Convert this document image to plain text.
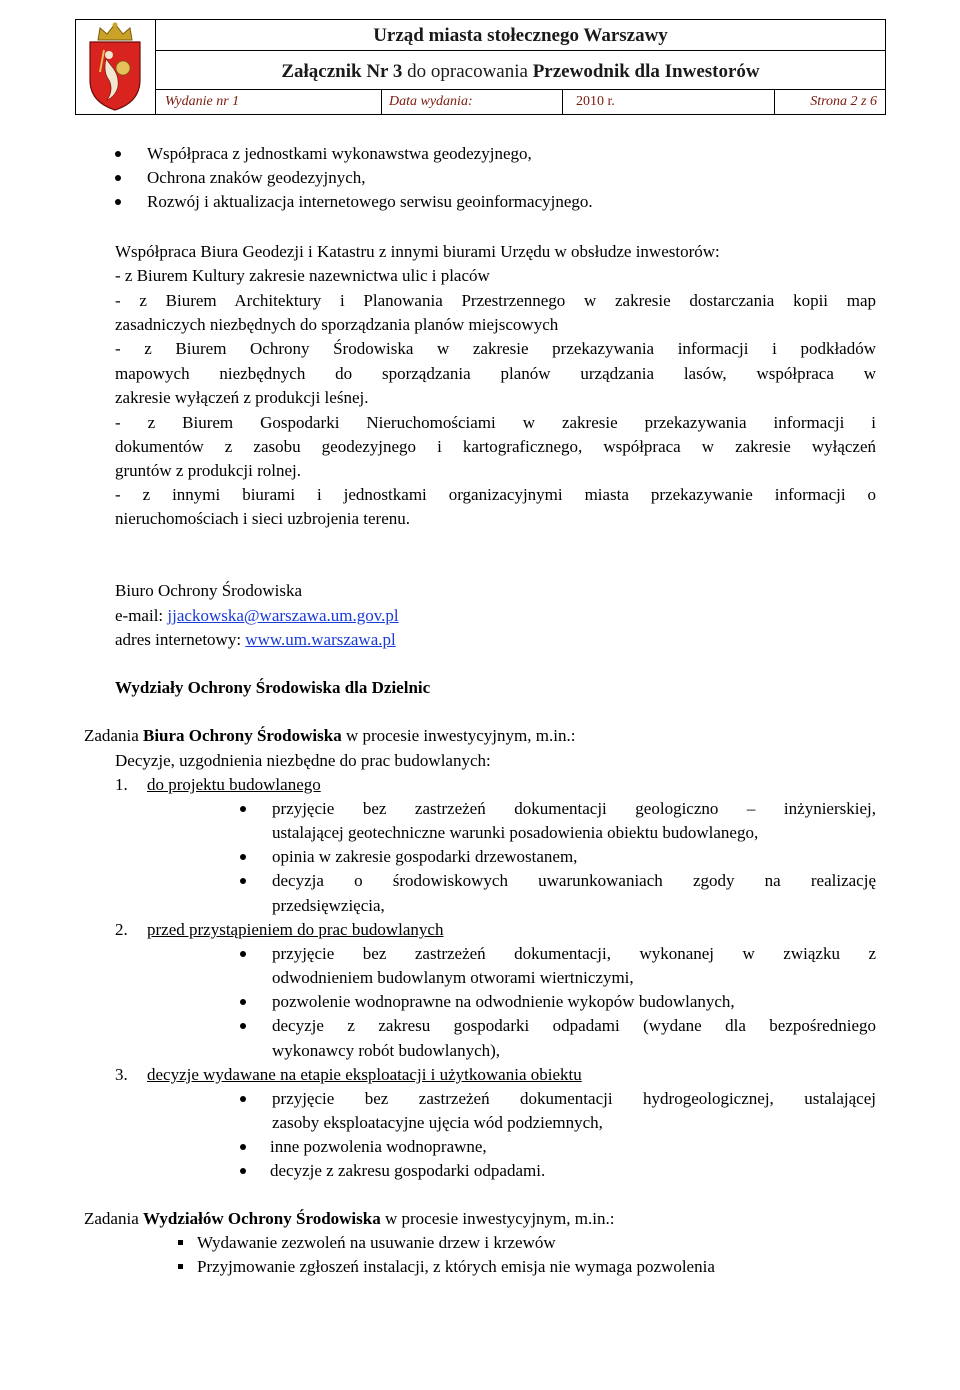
Urząd miasta stołecznego Warszawy
Załącznik Nr 3 do opracowania Przewodnik dla Inwestorów
Wydanie nr 1	Data wydania:	2010 r.	Strona 2 z 6
Współpraca z jednostkami wykonawstwa geodezyjnego,
Ochrona znaków geodezyjnych,
Rozwój i aktualizacja internetowego serwisu geoinformacyjnego.
Współpraca Biura Geodezji i Katastru z innymi biurami Urzędu w obsłudze inwestorów:
- z Biurem Kultury zakresie nazewnictwa ulic i placów
- z Biurem Architektury i Planowania Przestrzennego w zakresie dostarczania kopii map
zasadniczych niezbędnych do sporządzania planów miejscowych
- z Biurem Ochrony Środowiska w zakresie przekazywania informacji i podkładów
mapowych niezbędnych do sporządzania planów urządzania lasów, współpraca w
zakresie wyłączeń z produkcji leśnej.
- z Biurem Gospodarki Nieruchomościami w zakresie przekazywania informacji i
dokumentów z zasobu geodezyjnego i kartograficznego, współpraca w zakresie wyłączeń
gruntów z produkcji rolnej.
- z innymi biurami i jednostkami organizacyjnymi miasta przekazywanie informacji o
nieruchomościach i sieci uzbrojenia terenu.
Biuro Ochrony Środowiska
e-mail: jjackowska@warszawa.um.gov.pl
adres internetowy: www.um.warszawa.pl
Wydziały Ochrony Środowiska dla Dzielnic
Zadania Biura Ochrony Środowiska w procesie inwestycyjnym, m.in.:
Decyzje, uzgodnienia niezbędne do prac budowlanych:
1. do projektu budowlanego
przyjęcie bez zastrzeżeń dokumentacji geologiczno – inżynierskiej,
ustalającej geotechniczne warunki posadowienia obiektu budowlanego,
opinia w zakresie gospodarki drzewostanem,
decyzja o środowiskowych uwarunkowaniach zgody na realizację
przedsięwzięcia,
2. przed przystąpieniem do prac budowlanych
przyjęcie bez zastrzeżeń dokumentacji, wykonanej w związku z
odwodnieniem budowlanym otworami wiertniczymi,
pozwolenie wodnoprawne na odwodnienie wykopów budowlanych,
decyzje z zakresu gospodarki odpadami (wydane dla bezpośredniego
wykonawcy robót budowlanych),
3. decyzje wydawane na etapie eksploatacji i użytkowania obiektu
przyjęcie bez zastrzeżeń dokumentacji hydrogeologicznej, ustalającej
zasoby eksploatacyjne ujęcia wód podziemnych,
inne pozwolenia wodnoprawne,
decyzje z zakresu gospodarki odpadami.
Zadania Wydziałów Ochrony Środowiska w procesie inwestycyjnym, m.in.:
Wydawanie zezwoleń na usuwanie drzew i krzewów
Przyjmowanie zgłoszeń instalacji, z których emisja nie wymaga pozwolenia
